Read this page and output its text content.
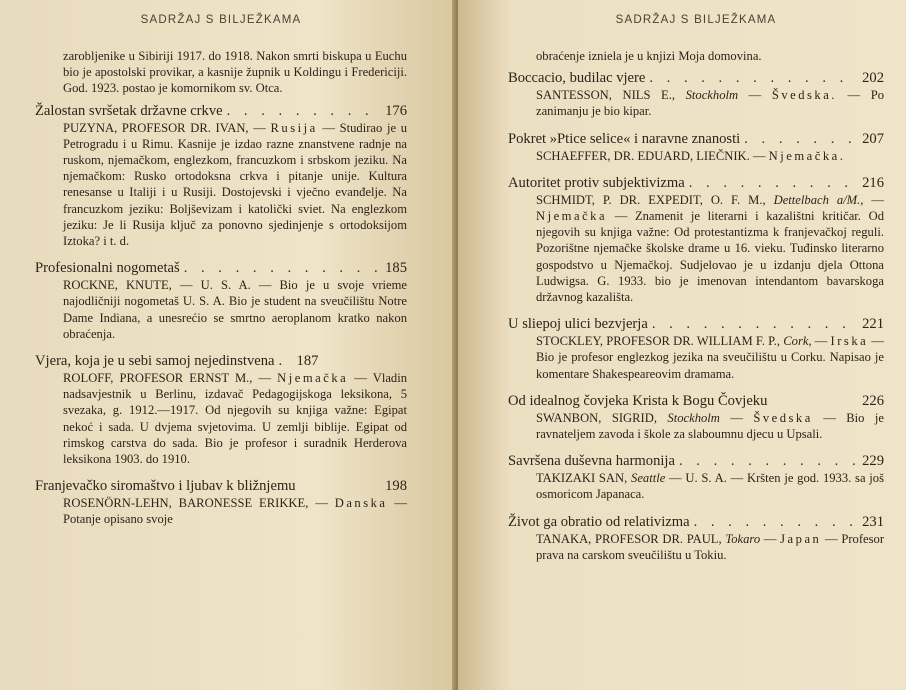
SADRŽAJ S BILJEŽKAMA
zarobljenike u Sibiriji 1917. do 1918. Nakon smrti biskupa u Euchu bio je apostolski provikar, a kasnije župnik u Koldingu i Fredericiji. God. 1923. postao je komornikom sv. Otca.
Žalostan svršetak državne crkve . . .	176
PUZYNA, PROFESOR DR. IVAN, — Rusija — Studirao je u Petrogradu i u Rimu. Kasnije je izdao razne znanstvene radnje na ruskom, njemačkom, englezkom, francuzkom i srbskom jeziku. Na njemačkom: Rusko ortodoksna crkva i pitanje unije. Kultura renesanse u Italiji i u Rusiji. Dostojevski i vječno evanđelje. Na francuzkom jeziku: Boljševizam i katolički sviet. Na englezkom jeziku: Je li Rusija ključ za ponovno sjedinjenje s ortodoksijom Iztoka? i t. d.
Profesionalni nogometaš . . .	185
ROCKNE, KNUTE, — U. S. A. — Bio je u svoje vrieme najodličniji nogometaš U. S. A. Bio je student na sveučilištu Notre Dame Indiana, a unesrećio se smrtno aeroplanom kratko nakon obraćenja.
Vjera, koja je u sebi samoj nejedinstvena . . . 187
ROLOFF, PROFESOR ERNST M., — Njemačka — Vladin nadsavjestnik u Berlinu, izdavač Pedagogijskoga leksikona, 5 svezaka, g. 1912.—1917. Od njegovih su knjiga važne: Egipat nekoć i sada. U dvjema svjetovima. U zemlji biblije. Egipat od rimskog carstva do sada. Bio je profesor i suradnik Herderova leksikona 1903. do 1910.
Franjevačko siromaštvo i ljubav k bližnjemu	198
ROSENÖRN-LEHN, BARONESSE ERIKKE, — Danska — Potanje opisano svoje
SADRŽAJ S BILJEŽKAMA
obraćenje izniela je u knjizi Moja domovina.
Boccacio, budilac vjere . . .	202
SANTESSON, NILS E., Stockholm — Švedska. — Po zanimanju je bio kipar.
Pokret »Ptice selice« i naravne znanosti . . .	207
SCHAEFFER, DR. EDUARD, LIEČNIK. — Njemačka.
Autoritet protiv subjektivizma . . .	216
SCHMIDT, P. DR. EXPEDIT, O. F. M., Dettelbach a/M., — Njemačka — Znamenit je literarni i kazalištni kritičar. Od njegovih su knjiga važne: Od protestantizma k franjevačkoj reguli. Pozorištne njemačke školske drame u 16. vieku. Tuđinsko literarno gospodstvo u Njemačkoj. Sudjelovao je u izdanju djela Ottona Ludwigsa. G. 1933. bio je imenovan intendantom bavarskoga državnog kazališta.
U sliepoj ulici bezvjerja . . .	221
STOCKLEY, PROFESOR DR. WILLIAM F. P., Cork, — Irska — Bio je profesor englezkog jezika na sveučilištu u Corku. Napisao je komentare Shakespeareovim dramama.
Od idealnog čovjeka Krista k Bogu Čovjeku	226
SWANBON, SIGRID, Stockholm — Švedska — Bio je ravnateljem zavoda i škole za slaboumnu djecu u Upsali.
Savršena duševna harmonija . . .	229
TAKIZAKI SAN, Seattle — U. S. A. — Kršten je god. 1933. sa još osmoricom Japanaca.
Život ga obratio od relativizma . . .	231
TANAKA, PROFESOR DR. PAUL, Tokaro — Japan — Profesor prava na carskom sveučilištu u Tokiu.
